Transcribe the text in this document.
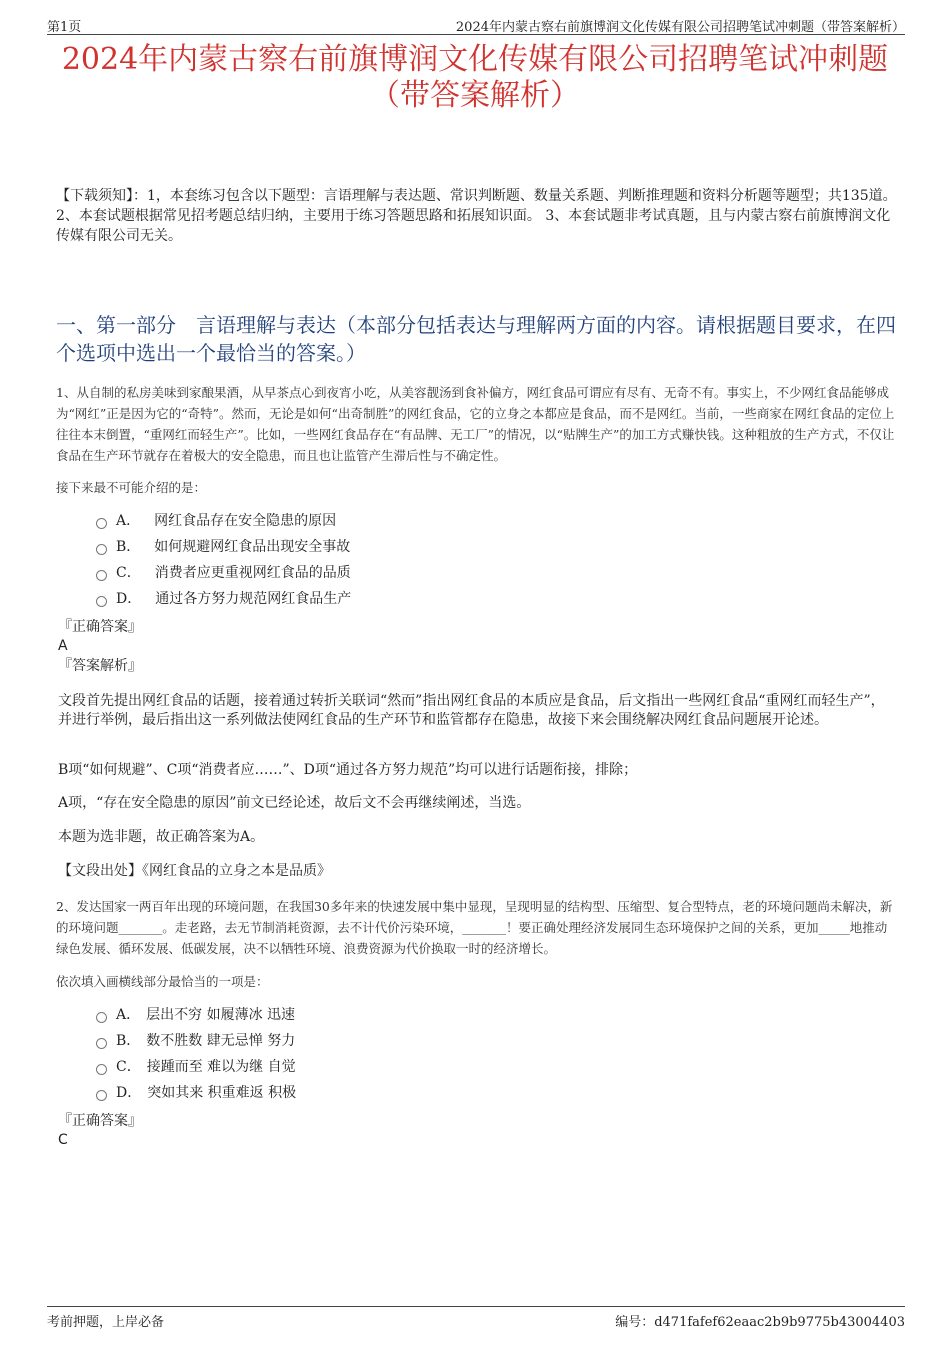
第1页	2024年内蒙古察右前旗博润文化传媒有限公司招聘笔试冲刺题（带答案解析）
2024年内蒙古察右前旗博润文化传媒有限公司招聘笔试冲刺题
（带答案解析）
【下载须知】：1，本套练习包含以下题型：言语理解与表达题、常识判断题、数量关系题、判断推理题和资料分析题等题型；共135道。 2、本套试题根据常见招考题总结归纳，主要用于练习答题思路和拓展知识面。 3、本套试题非考试真题，且与内蒙古察右前旗博润文化传媒有限公司无关。
一、第一部分　言语理解与表达（本部分包括表达与理解两方面的内容。请根据题目要求，在四个选项中选出一个最恰当的答案。）
1、从自制的私房美味到家酿果酒，从早茶点心到夜宵小吃，从美容靓汤到食补偏方，网红食品可谓应有尽有、无奇不有。事实上，不少网红食品能够成为“网红”正是因为它的“奇特”。然而，无论是如何“出奇制胜”的网红食品，它的立身之本都应是食品，而不是网红。当前，一些商家在网红食品的定位上往往本末倒置，“重网红而轻生产”。比如，一些网红食品存在“有品牌、无工厂”的情况，以“贴牌生产”的加工方式赚快钱。这种粗放的生产方式，不仅让食品在生产环节就存在着极大的安全隐患，而且也让监管产生滞后性与不确定性。
接下来最不可能介绍的是：
A． 网红食品存在安全隐患的原因
B． 如何规避网红食品出现安全事故
C． 消费者应更重视网红食品的品质
D． 通过各方努力规范网红食品生产
『正确答案』
A
『答案解析』
文段首先提出网红食品的话题，接着通过转折关联词“然而”指出网红食品的本质应是食品，后文指出一些网红食品“重网红而轻生产”，并进行举例，最后指出这一系列做法使网红食品的生产环节和监管都存在隐患，故接下来会围绕解决网红食品问题展开论述。
B项“如何规避”、C项“消费者应……”、D项“通过各方努力规范”均可以进行话题衔接，排除；
A项，“存在安全隐患的原因”前文已经论述，故后文不会再继续阐述，当选。
本题为选非题，故正确答案为A。
【文段出处】《网红食品的立身之本是品质》
2、发达国家一两百年出现的环境问题，在我国30多年来的快速发展中集中显现，呈现明显的结构型、压缩型、复合型特点，老的环境问题尚未解决，新的环境问题_______。走老路，去无节制消耗资源，去不计代价污染环境，_______！要正确处理经济发展同生态环境保护之间的关系，更加_____地推动绿色发展、循环发展、低碳发展，决不以牺牲环境、浪费资源为代价换取一时的经济增长。
依次填入画横线部分最恰当的一项是：
A． 层出不穷 如履薄冰 迅速
B． 数不胜数 肆无忌惮 努力
C． 接踵而至 难以为继 自觉
D． 突如其来 积重难返 积极
『正确答案』
C
考前押题，上岸必备	编号：d471fafef62eaac2b9b9775b43004403
